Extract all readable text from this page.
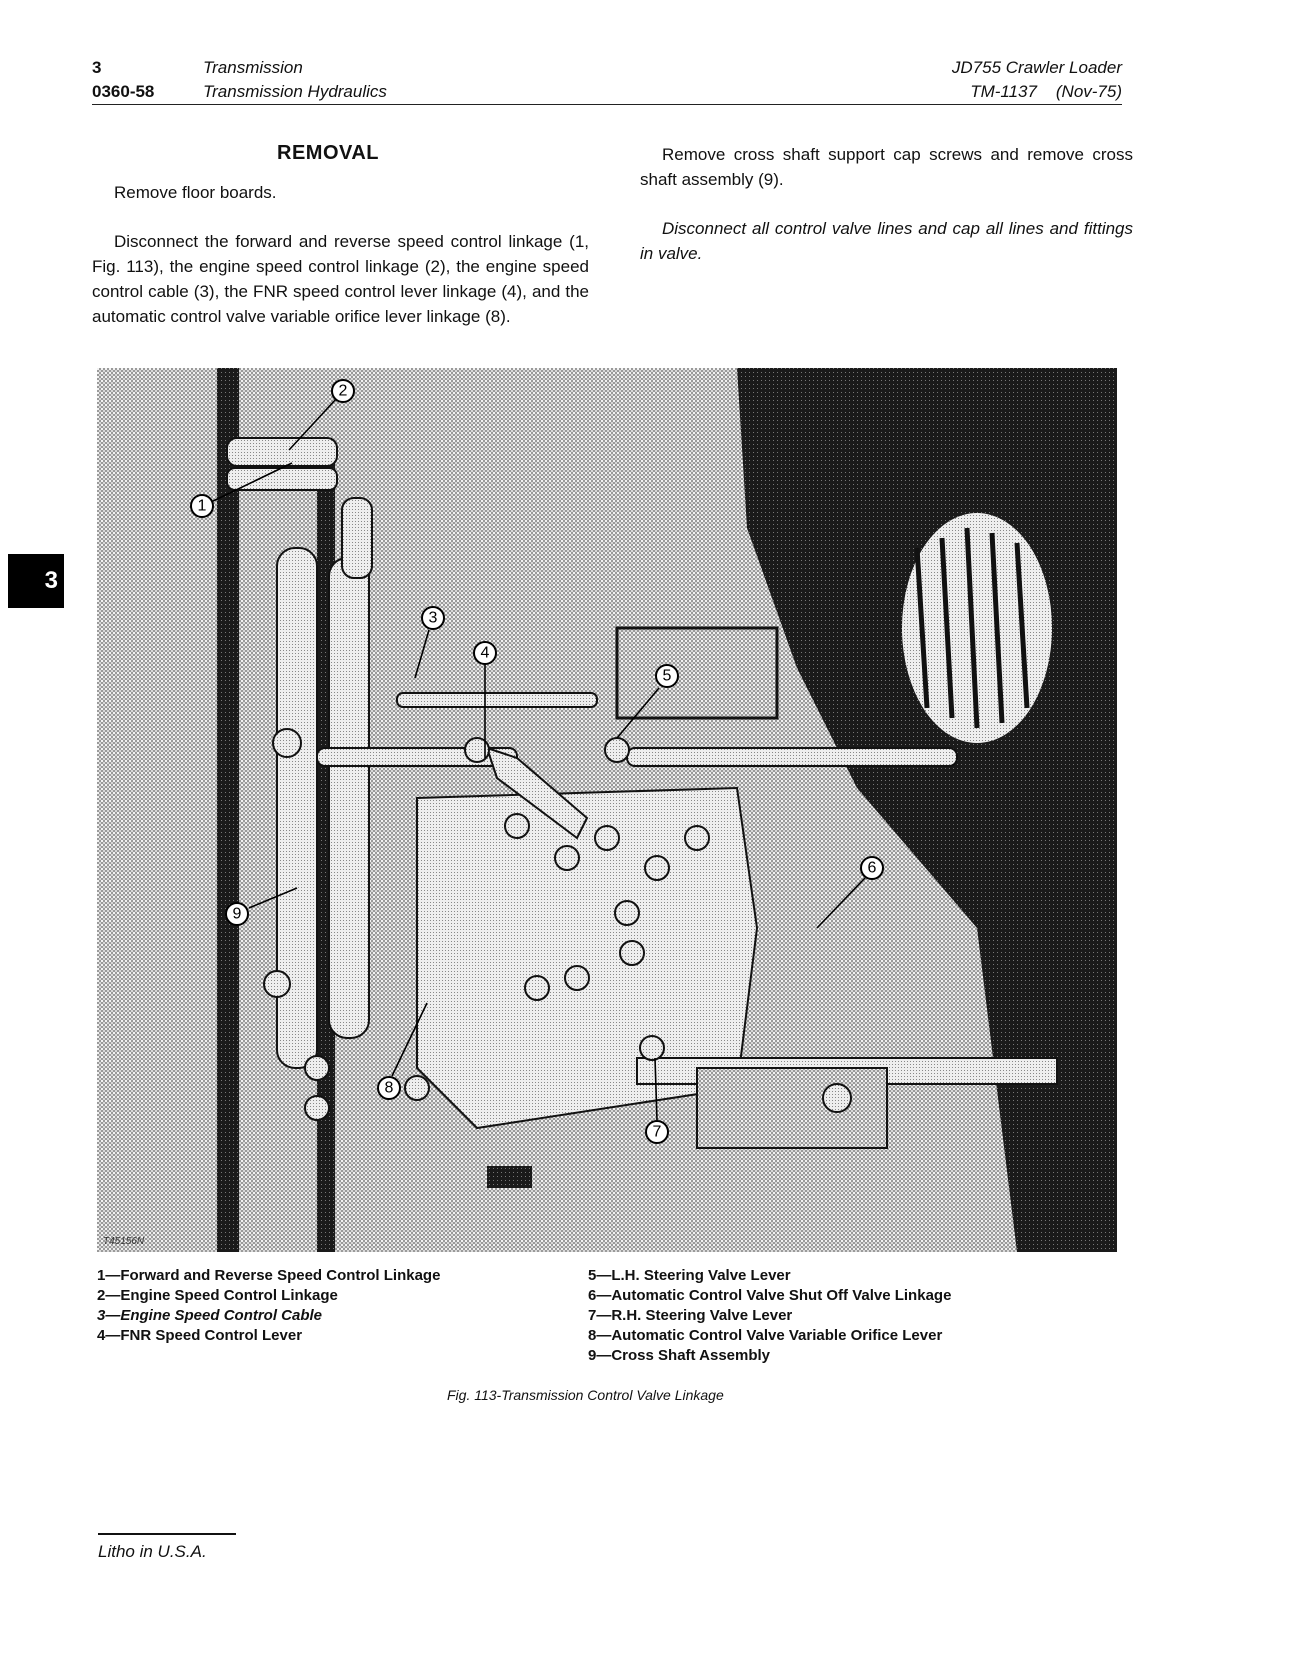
3	Transmission
0360-58	Transmission Hydraulics
JD755 Crawler Loader
TM-1137 (Nov-75)
3
REMOVAL

Remove floor boards.

Disconnect the forward and reverse speed control linkage (1, Fig. 113), the engine speed control linkage (2), the engine speed control cable (3), the FNR speed control lever linkage (4), and the automatic control valve variable orifice lever linkage (8).

Remove cross shaft support cap screws and remove cross shaft assembly (9).

Disconnect all control valve lines and cap all lines and fittings in valve.

1
2
3
4
5
6
7
8
9
T45156N
1—Forward and Reverse Speed Control Linkage
2—Engine Speed Control Linkage
3—Engine Speed Control Cable
4—FNR Speed Control Lever
5—L.H. Steering Valve Lever
6—Automatic Control Valve Shut Off Valve Linkage
7—R.H. Steering Valve Lever
8—Automatic Control Valve Variable Orifice Lever
9—Cross Shaft Assembly
Fig. 113-Transmission Control Valve Linkage
Litho in U.S.A.
